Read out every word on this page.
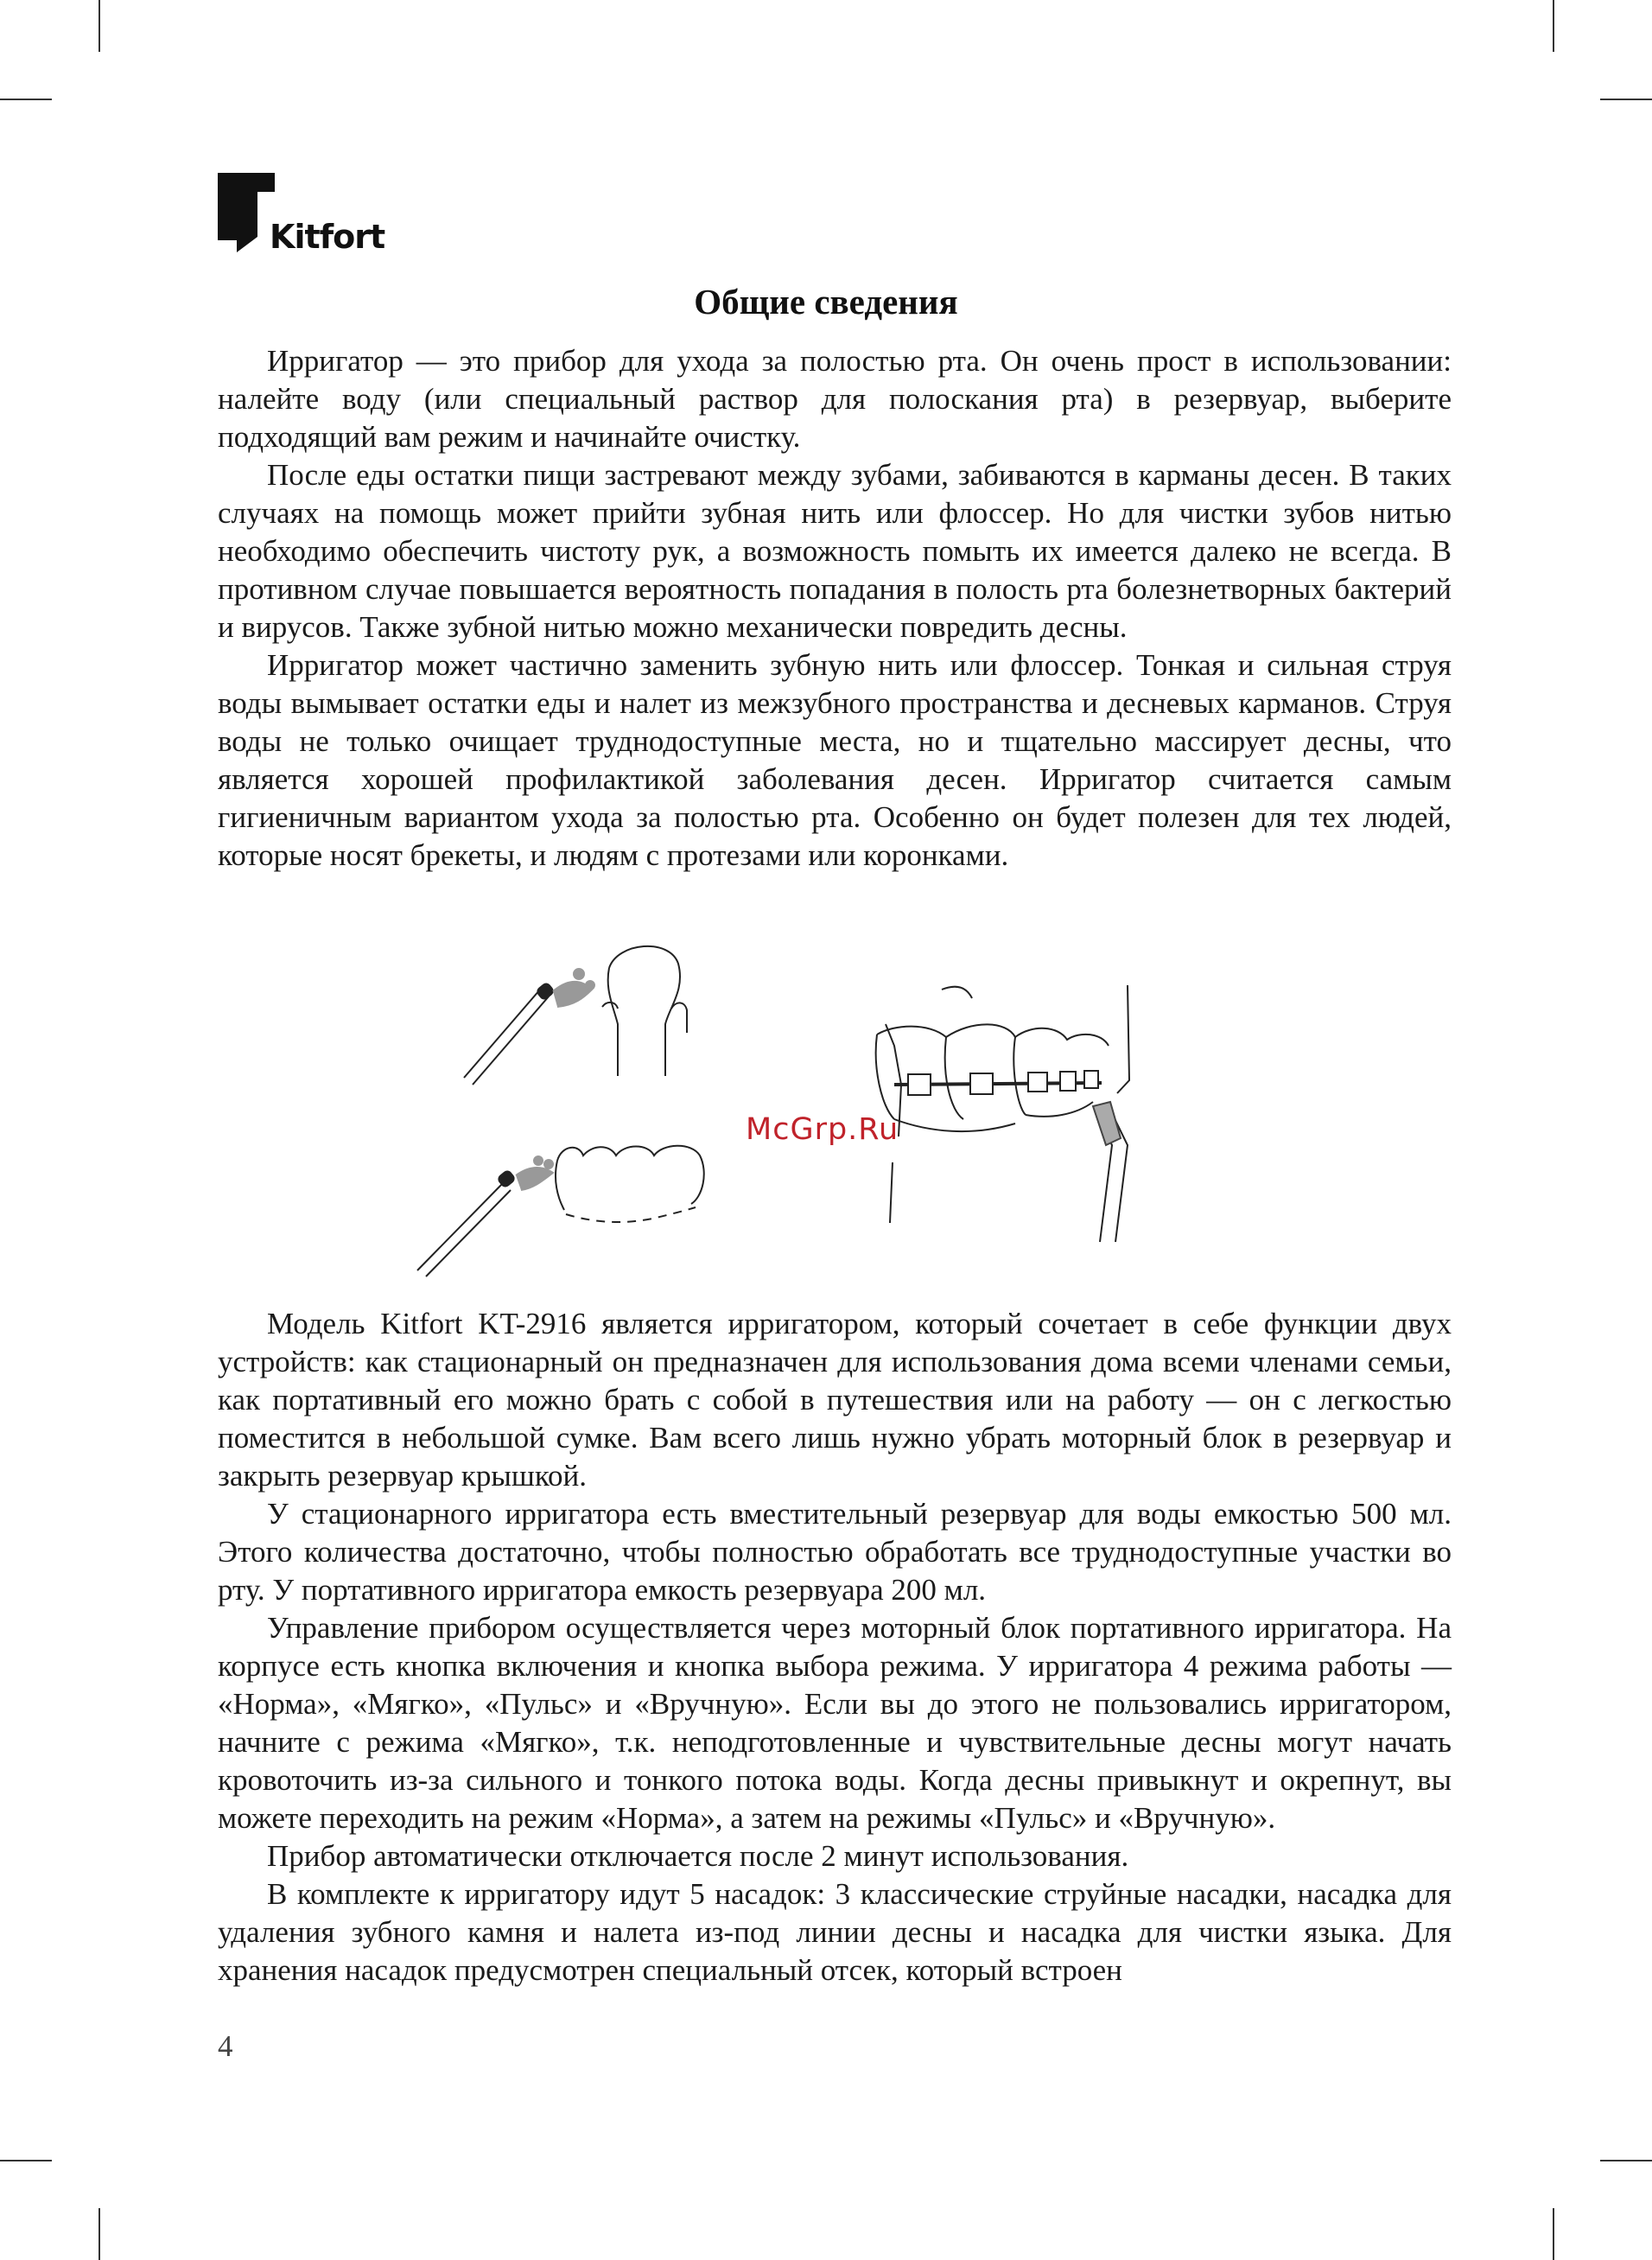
Kitfort
Общие сведения

Ирригатор — это прибор для ухода за полостью рта. Он очень прост в использовании: налейте воду (или специальный раствор для полоскания рта) в резервуар, выберите подходящий вам режим и начинайте очистку.

После еды остатки пищи застревают между зубами, забиваются в карманы десен. В таких случаях на помощь может прийти зубная нить или флоссер. Но для чистки зубов нитью необходимо обеспечить чистоту рук, а возможность помыть их имеется далеко не всегда. В противном случае повышается вероятность попадания в полость рта болезнетворных бактерий и вирусов. Также зубной нитью можно механически повредить десны.

Ирригатор может частично заменить зубную нить или флоссер. Тонкая и сильная струя воды вымывает остатки еды и налет из межзубного пространства и десневых карманов. Струя воды не только очищает труднодоступные места, но и тщательно массирует десны, что является хорошей профилактикой заболевания десен. Ирригатор считается самым гигиеничным вариантом ухода за полостью рта. Особенно он будет полезен для тех людей, которые носят брекеты, и людям с протезами или коронками.

McGrp.Ru

Модель Kitfort KT-2916 является ирригатором, который сочетает в себе функции двух устройств: как стационарный он предназначен для использования дома всеми членами семьи, как портативный его можно брать с собой в путешествия или на работу — он с легкостью поместится в небольшой сумке. Вам всего лишь нужно убрать моторный блок в резервуар и закрыть резервуар крышкой.

У стационарного ирригатора есть вместительный резервуар для воды емкостью 500 мл. Этого количества достаточно, чтобы полностью обработать все труднодоступные участки во рту. У портативного ирригатора емкость резервуара 200 мл.

Управление прибором осуществляется через моторный блок портативного ирригатора. На корпусе есть кнопка включения и кнопка выбора режима. У ирригатора 4 режима работы — «Норма», «Мягко», «Пульс» и «Вручную». Если вы до этого не пользовались ирригатором, начните с режима «Мягко», т.к. неподготовленные и чувствительные десны могут начать кровоточить из-за сильного и тонкого потока воды. Когда десны привыкнут и окрепнут, вы можете переходить на режим «Норма», а затем на режимы «Пульс» и «Вручную».

Прибор автоматически отключается после 2 минут использования.

В комплекте к ирригатору идут 5 насадок: 3 классические струйные насадки, насадка для удаления зубного камня и налета из-под линии десны и насадка для чистки языка. Для хранения насадок предусмотрен специальный отсек, который встроен

4
